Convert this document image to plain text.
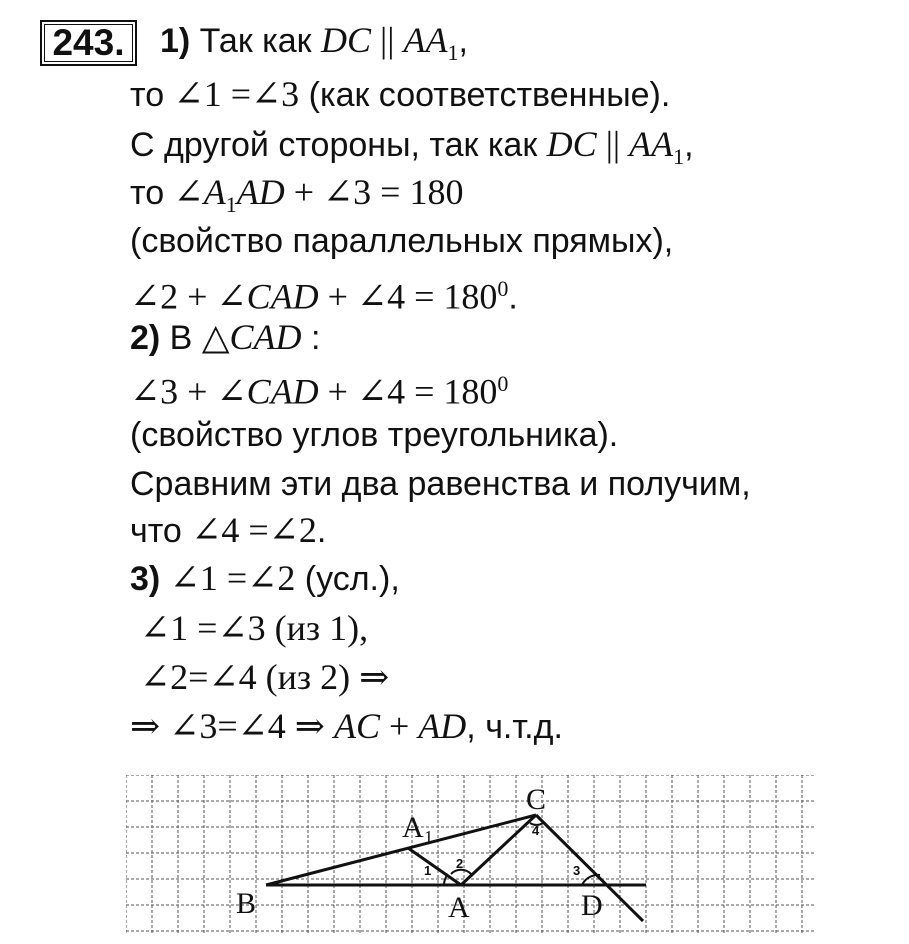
243.	1) Так как DC || $AA_1$,
то ∠1 =∠3 (как соответственные).
С другой стороны, так как DC || $AA_1$,
то $\angle A_1AD$ + ∠3 = 180
(свойство параллельных прямых),
∠2 + ∠CAD + ∠4 = $180^0$.
2) В △CAD :
∠3 + ∠CAD + ∠4 = $180^0$
(свойство углов треугольника).
Сравним эти два равенства и получим,
что ∠4 =∠2.
3) ∠1 =∠2 (усл.),
∠1 =∠3 (из 1),
∠2=∠4 (из 2) ⇒
⇒ ∠3=∠4 ⇒ AC + AD, ч.т.д.
B	A
C
D
A₁
1 2	3
4
